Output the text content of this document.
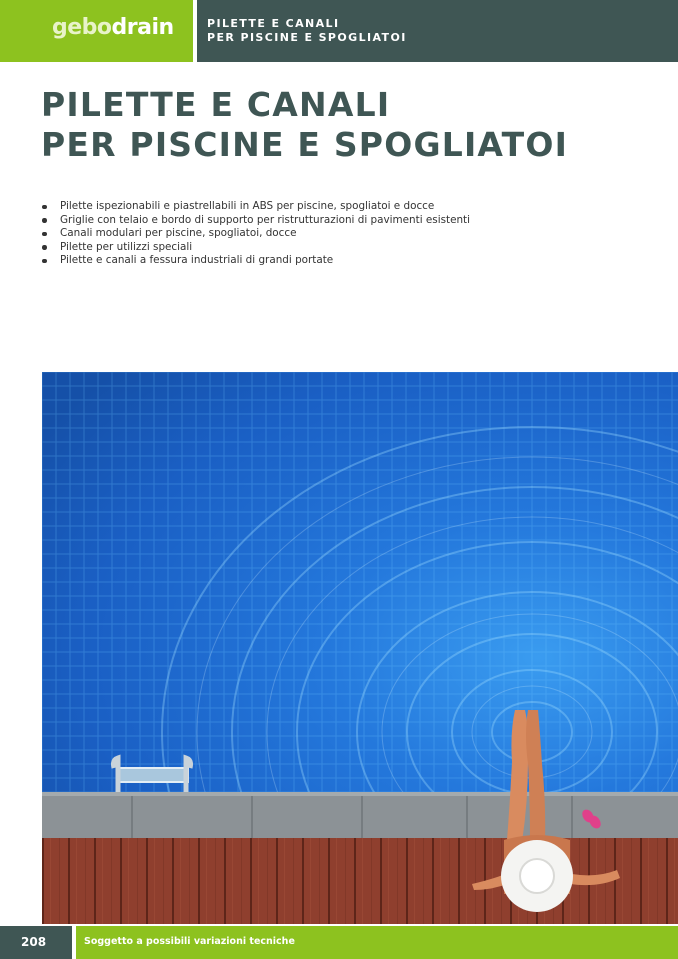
gebodrain	PILETTE E CANALI
PER PISCINE E SPOGLIATOI
PILETTE E CANALI
PER PISCINE E SPOGLIATOI
Pilette ispezionabili e piastrellabili in ABS per piscine, spogliatoi e docce
Griglie con telaio e bordo di supporto per ristrutturazioni di pavimenti esistenti
Canali modulari per piscine, spogliatoi, docce
Pilette per utilizzi speciali
Pilette e canali a fessura industriali di grandi portate
208	Soggetto a possibili variazioni tecniche
